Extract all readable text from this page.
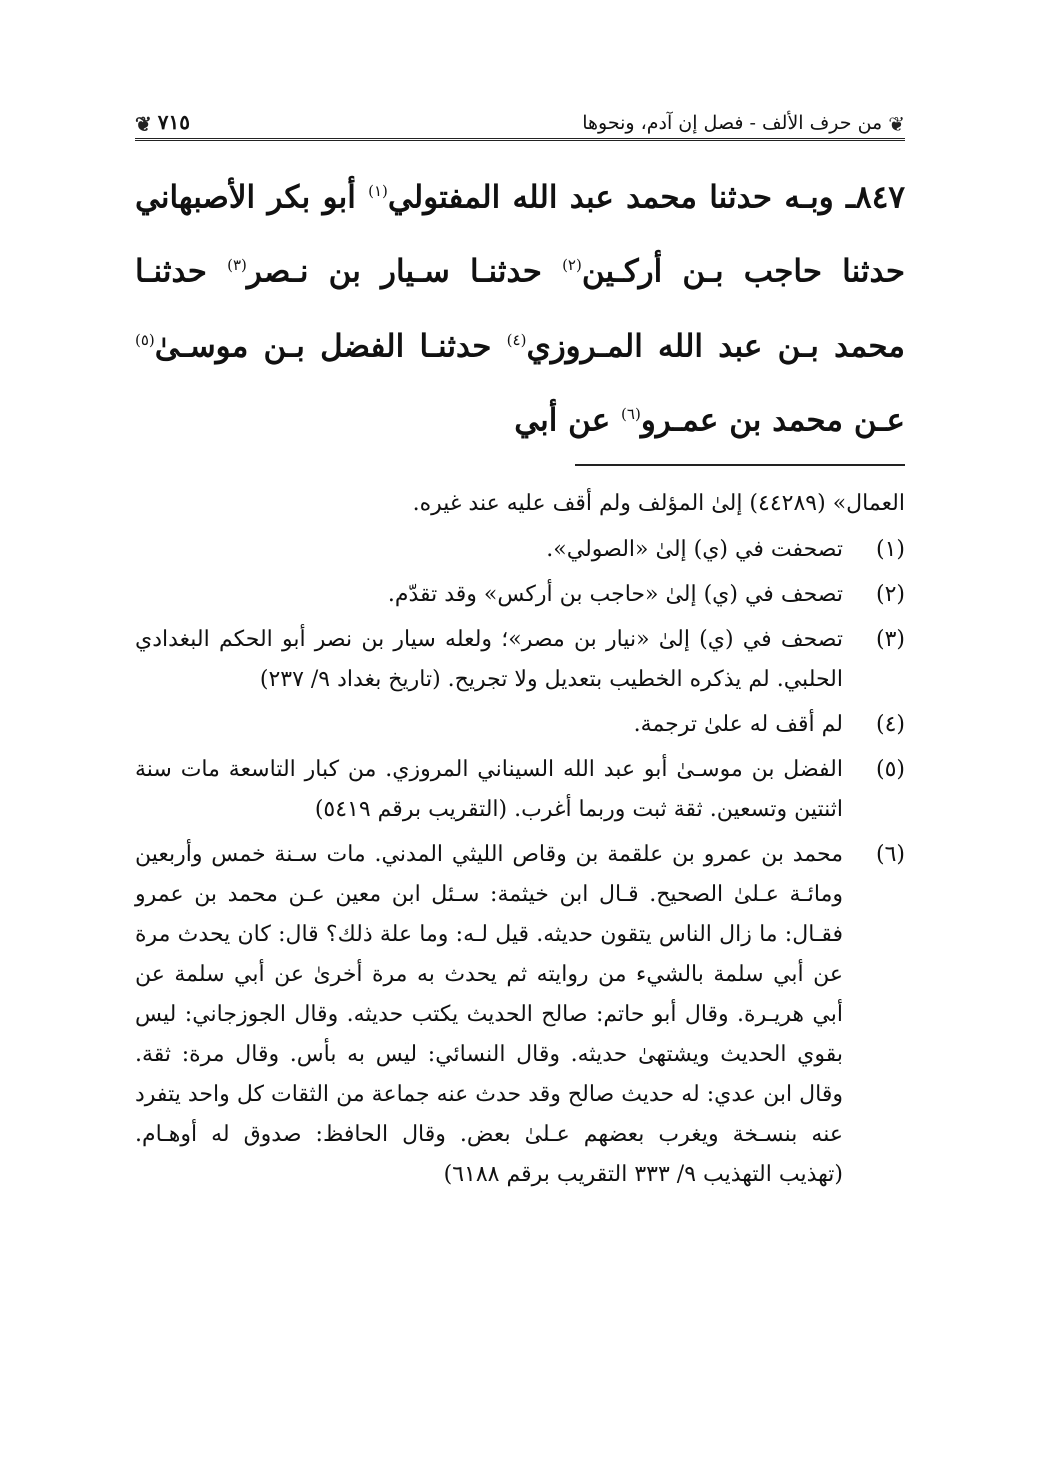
❦
من حرف الألف - فصل إن آدم، ونحوها
❦ ٧١٥
٨٤٧ـ وبـه حدثنا محمد عبد الله المفتولي$^{(١)}$ أبو بكر الأصبهاني حدثنا حاجب بـن أركـين$^{(٢)}$ حدثنـا سـيار بن نـصر$^{(٣)}$ حدثنـا محمد بـن عبد الله المـروزي$^{(٤)}$ حدثنـا الفضل بـن موسـىٰ$^{(٥)}$ عـن محمد بن عمـرو$^{(٦)}$ عن أبي
العمال» (٤٤٢٨٩) إلىٰ المؤلف ولم أقف عليه عند غيره.
(١)
تصحفت في (ي) إلىٰ «الصولي».
(٢)
تصحف في (ي) إلىٰ «حاجب بن أركس» وقد تقدّم.
(٣)
تصحف في (ي) إلىٰ «نيار بن مصر»؛ ولعله سيار بن نصر أبو الحكم البغدادي الحلبي. لم يذكره الخطيب بتعديل ولا تجريح. (تاريخ بغداد ٩/ ٢٣٧)
(٤)
لم أقف له علىٰ ترجمة.
(٥)
الفضل بن موسـىٰ أبو عبد الله السيناني المروزي. من كبار التاسعة مات سنة اثنتين وتسعين. ثقة ثبت وربما أغرب. (التقريب برقم ٥٤١٩)
(٦)
محمد بن عمرو بن علقمة بن وقاص الليثي المدني. مات سـنة خمس وأربعين ومائـة عـلىٰ الصحيح. قـال ابن خيثمة: سـئل ابن معين عـن محمد بن عمرو فقـال: ما زال الناس يتقون حديثه. قيل لـه: وما علة ذلك؟ قال: كان يحدث مرة عن أبي سلمة بالشيء من روايته ثم يحدث به مرة أخرىٰ عن أبي سلمة عن أبي هريـرة. وقال أبو حاتم: صالح الحديث يكتب حديثه. وقال الجوزجاني: ليس بقوي الحديث ويشتهىٰ حديثه. وقال النسائي: ليس به بأس. وقال مرة: ثقة. وقال ابن عدي: له حديث صالح وقد حدث عنه جماعة من الثقات كل واحد يتفرد عنه بنسـخة ويغرب بعضهم عـلىٰ بعض. وقال الحافظ: صدوق له أوهـام. (تهذيب التهذيب ٩/ ٣٣٣ التقريب برقم ٦١٨٨)
